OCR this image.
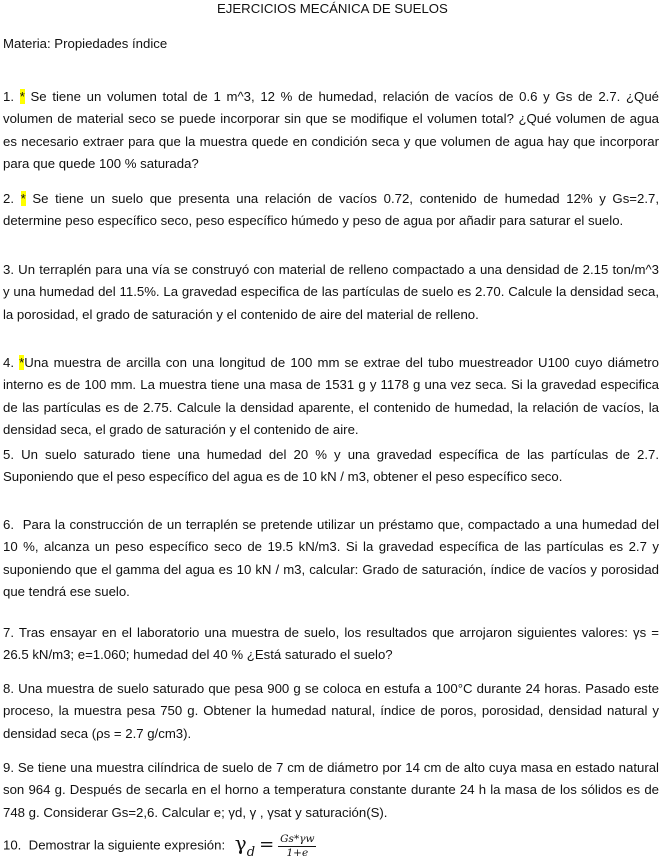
EJERCICIOS MECÁNICA DE SUELOS
Materia: Propiedades índice

1. * Se tiene un volumen total de 1 m^3, 12 % de humedad, relación de vacíos de 0.6 y Gs de 2.7. ¿Qué volumen de material seco se puede incorporar sin que se modifique el volumen total? ¿Qué volumen de agua es necesario extraer para que la muestra quede en condición seca y que volumen de agua hay que incorporar para que quede 100 % saturada?

2. * Se tiene un suelo que presenta una relación de vacíos 0.72, contenido de humedad 12% y Gs=2.7, determine peso específico seco, peso específico húmedo y peso de agua por añadir para saturar el suelo.

3. Un terraplén para una vía se construyó con material de relleno compactado a una densidad de 2.15 ton/m^3 y una humedad del 11.5%. La gravedad especifica de las partículas de suelo es 2.70. Calcule la densidad seca, la porosidad, el grado de saturación y el contenido de aire del material de relleno.

4. *Una muestra de arcilla con una longitud de 100 mm se extrae del tubo muestreador U100 cuyo diámetro interno es de 100 mm. La muestra tiene una masa de 1531 g y 1178 g una vez seca. Si la gravedad especifica de las partículas es de 2.75. Calcule la densidad aparente, el contenido de humedad, la relación de vacíos, la densidad seca, el grado de saturación y el contenido de aire.

5. Un suelo saturado tiene una humedad del 20 % y una gravedad específica de las partículas de 2.7. Suponiendo que el peso específico del agua es de 10 kN / m3, obtener el peso específico seco.

6. Para la construcción de un terraplén se pretende utilizar un préstamo que, compactado a una humedad del 10 %, alcanza un peso específico seco de 19.5 kN/m3. Si la gravedad específica de las partículas es 2.7 y suponiendo que el gamma del agua es 10 kN / m3, calcular: Grado de saturación, índice de vacíos y porosidad que tendrá ese suelo.

7. Tras ensayar en el laboratorio una muestra de suelo, los resultados que arrojaron siguientes valores: γs = 26.5 kN/m3; e=1.060; humedad del 40 % ¿Está saturado el suelo?

8. Una muestra de suelo saturado que pesa 900 g se coloca en estufa a 100°C durante 24 horas. Pasado este proceso, la muestra pesa 750 g. Obtener la humedad natural, índice de poros, porosidad, densidad natural y densidad seca (ρs = 2.7 g/cm3).

9. Se tiene una muestra cilíndrica de suelo de 7 cm de diámetro por 14 cm de alto cuya masa en estado natural son 964 g. Después de secarla en el horno a temperatura constante durante 24 h la masa de los sólidos es de 748 g. Considerar Gs=2,6. Calcular e; γd, γ , γsat y saturación(S).

10. Demostrar la siguiente expresión: $\gamma d = \frac{Gs*\gamma w}{1+e}$
